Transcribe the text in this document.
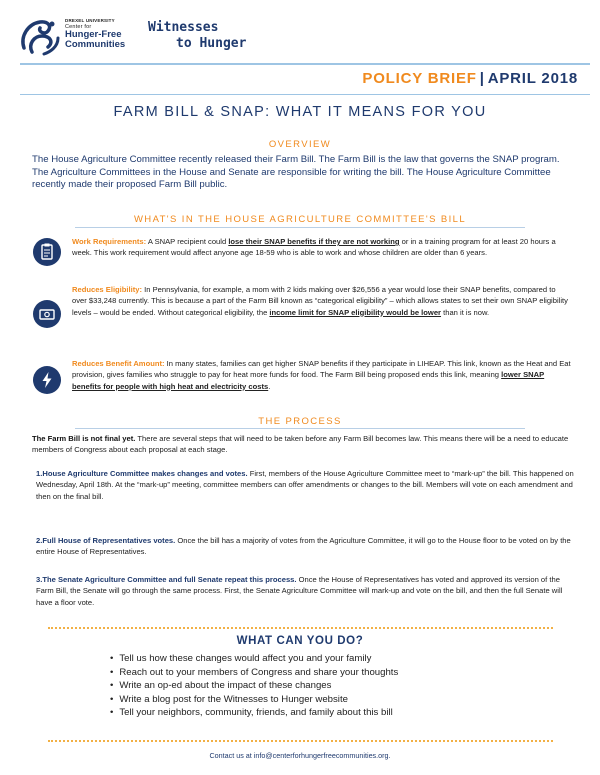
DREXEL UNIVERSITY
Center for
Hunger-Free
Communities
Witnesses
to Hunger
POLICY BRIEF | APRIL 2018
FARM BILL & SNAP: WHAT IT MEANS FOR YOU
OVERVIEW
The House Agriculture Committee recently released their Farm Bill. The Farm Bill is the law that governs the SNAP program. The Agriculture Committees in the House and Senate are responsible for writing the bill. The House Agriculture Committee recently made their proposed Farm Bill public.
WHAT'S IN THE HOUSE AGRICULTURE COMMITTEE'S BILL
Work Requirements: A SNAP recipient could lose their SNAP benefits if they are not working or in a training program for at least 20 hours a week. This work requirement would affect anyone age 18-59 who is able to work and whose children are older than 6 years.
Reduces Eligibility: In Pennsylvania, for example, a mom with 2 kids making over $26,556 a year would lose their SNAP benefits, compared to over $33,248 currently. This is because a part of the Farm Bill known as “categorical eligibility” – which allows states to set their own SNAP eligibility levels – would be ended. Without categorical eligibility, the income limit for SNAP eligibility would be lower than it is now.
Reduces Benefit Amount: In many states, families can get higher SNAP benefits if they participate in LIHEAP. This link, known as the Heat and Eat provision, gives families who struggle to pay for heat more funds for food. The Farm Bill being proposed ends this link, meaning lower SNAP benefits for people with high heat and electricity costs.
THE PROCESS
The Farm Bill is not final yet. There are several steps that will need to be taken before any Farm Bill becomes law. This means there will be a need to educate members of Congress about each proposal at each stage.
1.House Agriculture Committee makes changes and votes. First, members of the House Agriculture Committee meet to “mark-up” the bill. This happened on Wednesday, April 18th. At the “mark-up” meeting, committee members can offer amendments or changes to the bill. Members will vote on each amendment and then on the final bill.
2.Full House of Representatives votes. Once the bill has a majority of votes from the Agriculture Committee, it will go to the House floor to be voted on by the entire House of Representatives.
3.The Senate Agriculture Committee and full Senate repeat this process. Once the House of Representatives has voted and approved its version of the Farm Bill, the Senate will go through the same process. First, the Senate Agriculture Committee will mark-up and vote on the bill, and then the full Senate will have a floor vote.
WHAT CAN YOU DO?
• Tell us how these changes would affect you and your family
• Reach out to your members of Congress and share your thoughts
• Write an op-ed about the impact of these changes
• Write a blog post for the Witnesses to Hunger website
• Tell your neighbors, community, friends, and family about this bill
Contact us at info@centerforhungerfreecommunities.org.
